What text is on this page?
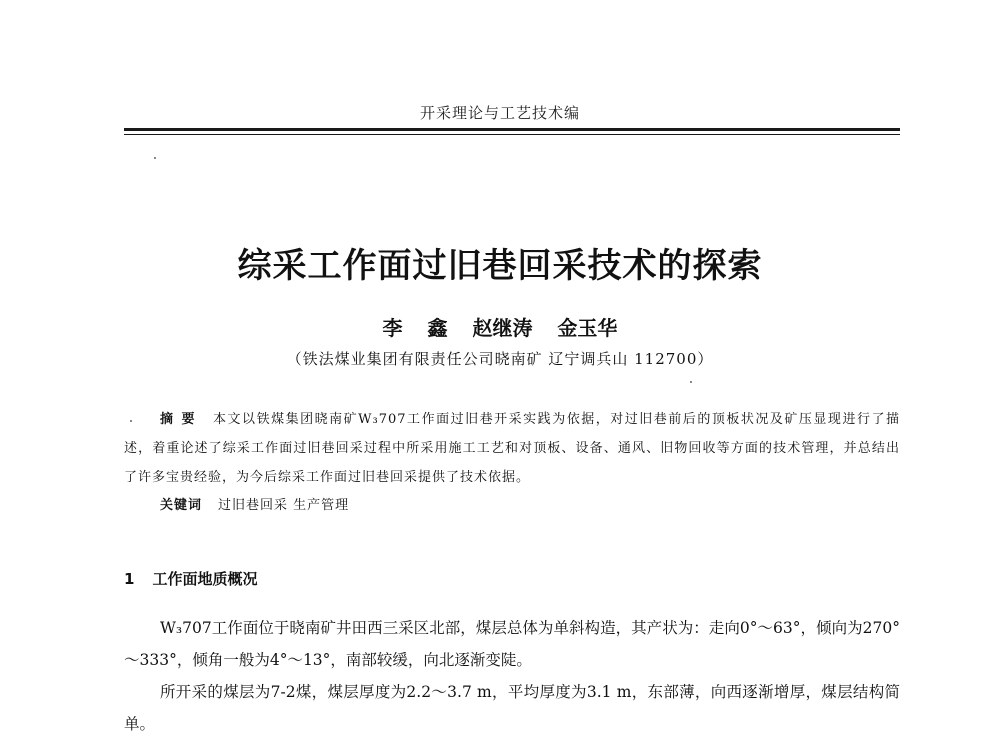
开采理论与工艺技术编
综采工作面过旧巷回采技术的探索
李 鑫 赵继涛 金玉华
（铁法煤业集团有限责任公司晓南矿 辽宁调兵山 112700）
摘要 本文以铁煤集团晓南矿W₃707工作面过旧巷开采实践为依据，对过旧巷前后的顶板状况及矿压显现进行了描述，着重论述了综采工作面过旧巷回采过程中所采用施工工艺和对顶板、设备、通风、旧物回收等方面的技术管理，并总结出了许多宝贵经验，为今后综采工作面过旧巷回采提供了技术依据。
关键词 过旧巷回采 生产管理
1 工作面地质概况

W₃707工作面位于晓南矿井田西三采区北部，煤层总体为单斜构造，其产状为：走向0°～63°，倾向为270°～333°，倾角一般为4°～13°，南部较缓，向北逐渐变陡。

所开采的煤层为7-2煤，煤层厚度为2.2～3.7 m，平均厚度为3.1 m，东部薄，向西逐渐增厚，煤层结构简单。
